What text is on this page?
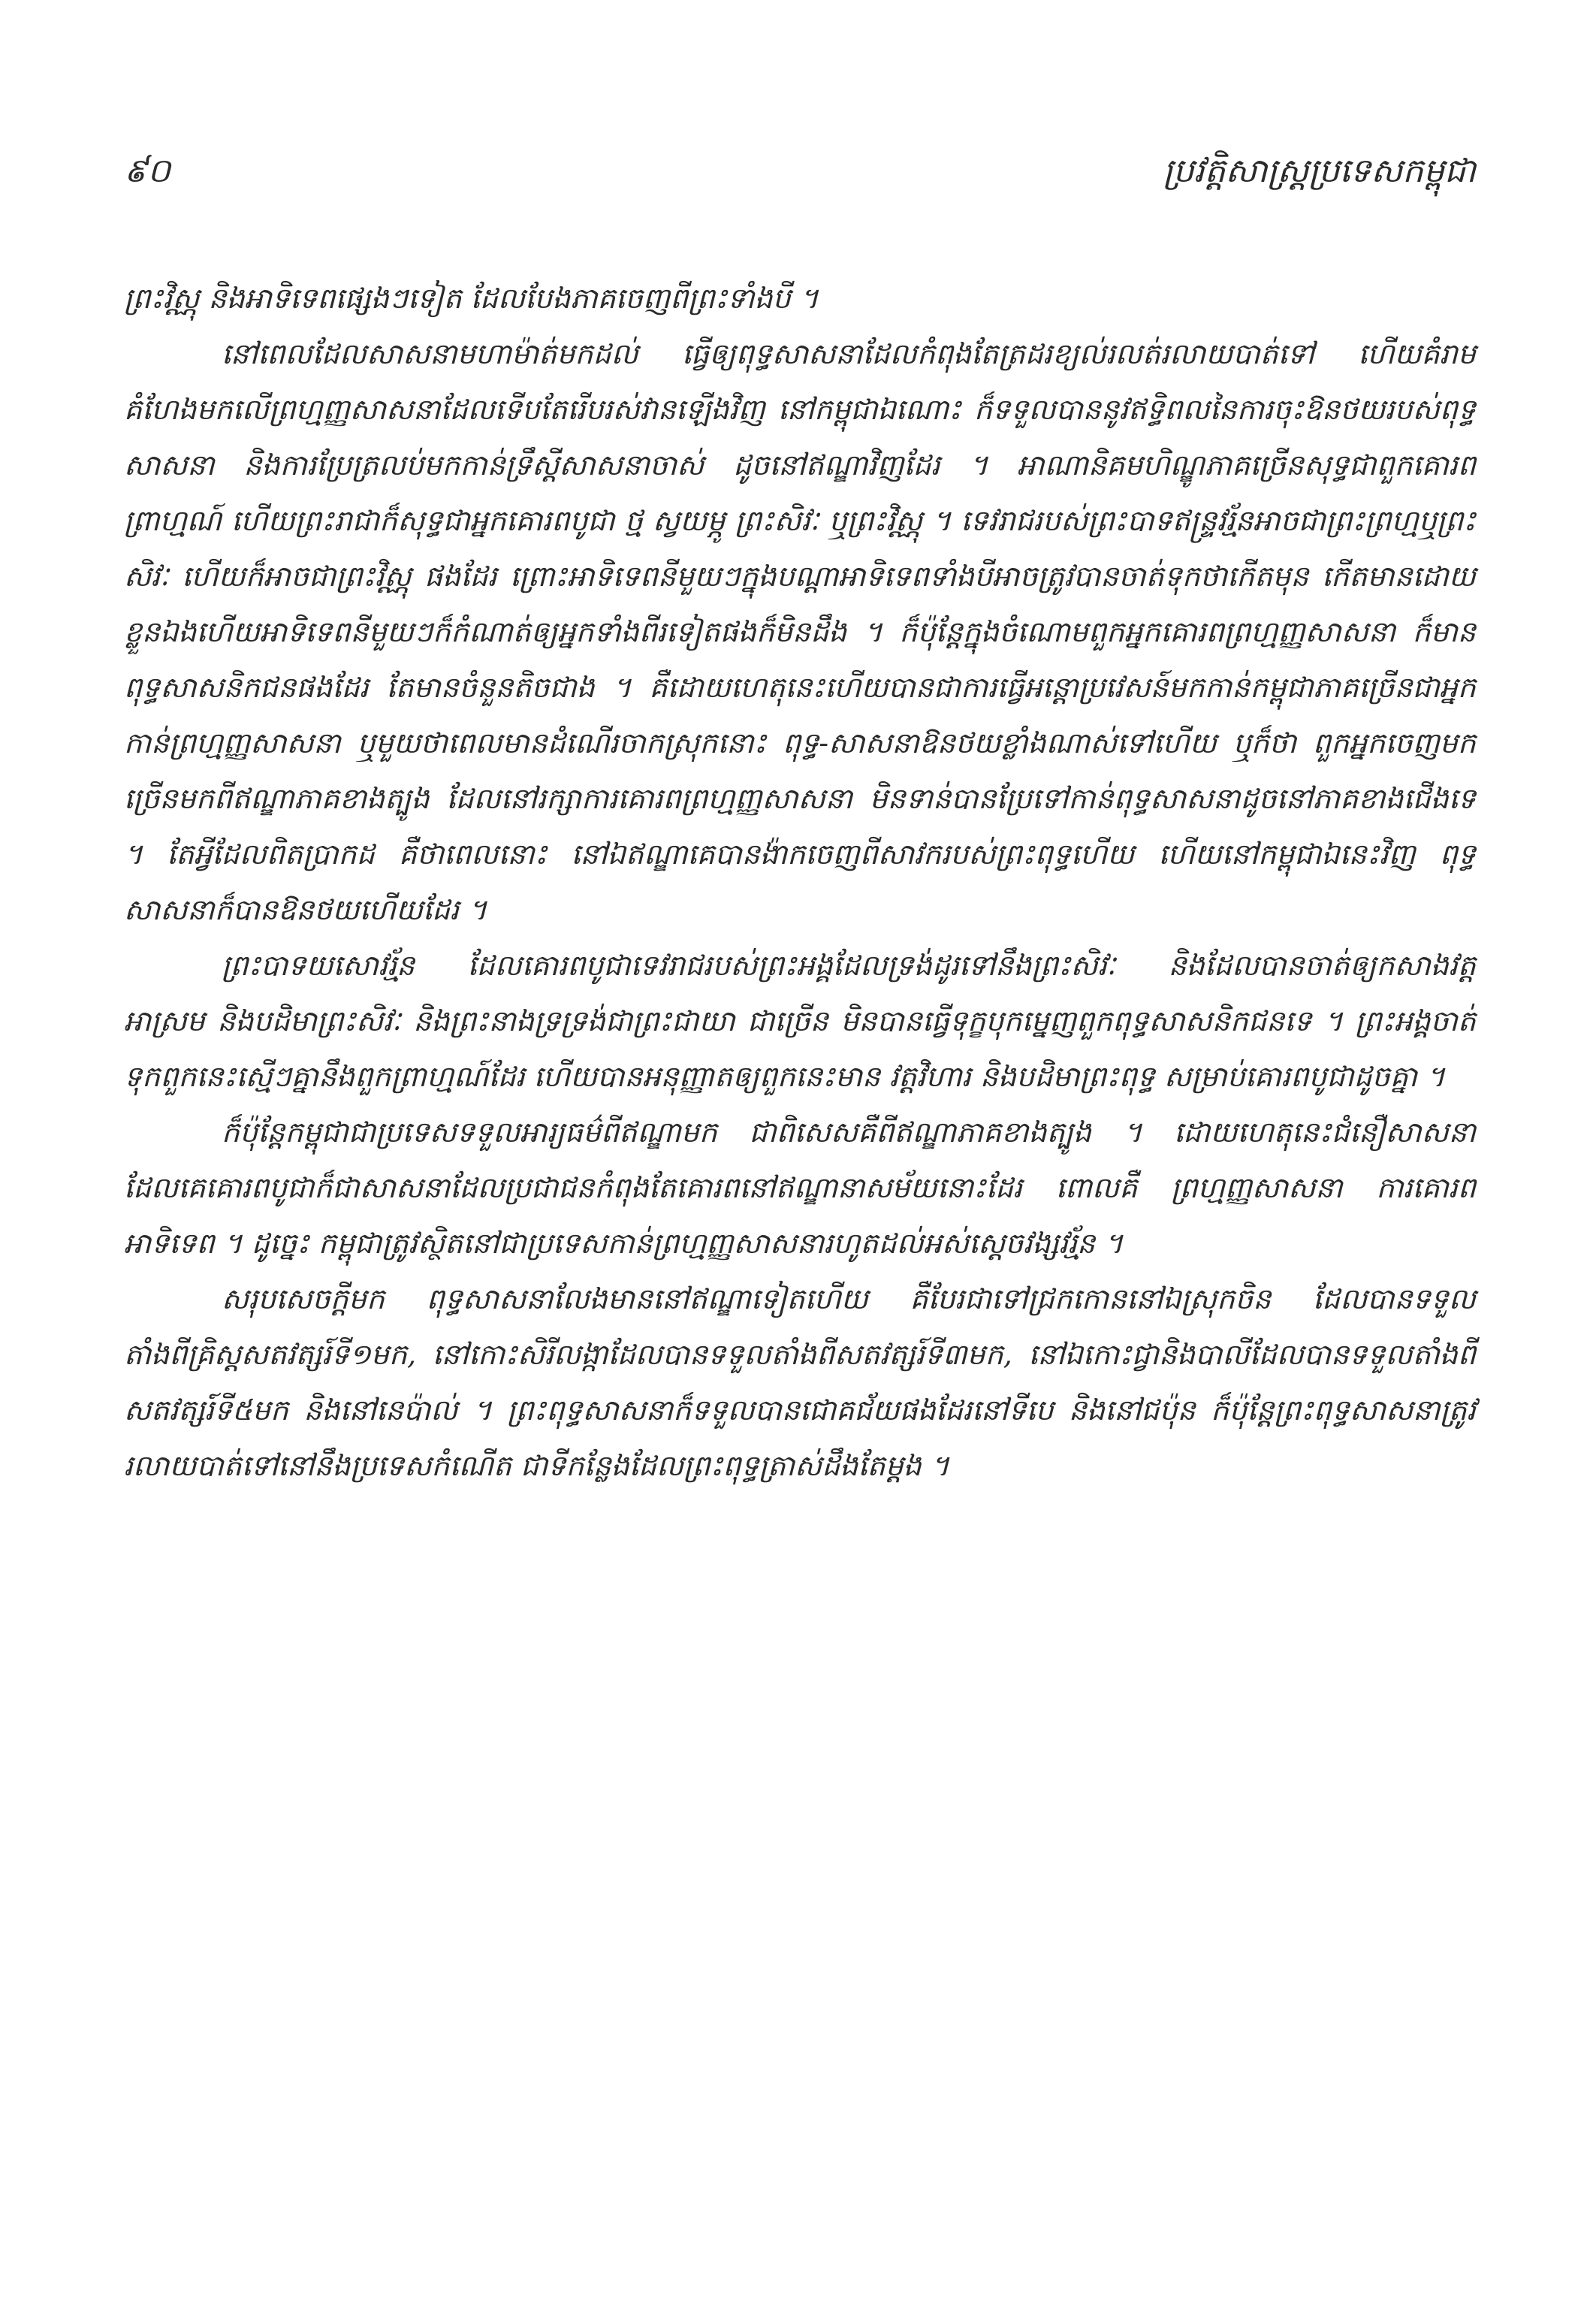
៩០	ប្រវត្តិសាស្ត្រប្រទេសកម្ពុជា

ព្រះវិស្ណុ និងអាទិទេពផ្សេងៗទៀត ដែលបែងភាគចេញពីព្រះទាំងបី ។

នៅពេលដែលសាសនាមហាម៉ាត់មកដល់ ធ្វើឲ្យពុទ្ធសាសនាដែលកំពុងតែត្រដរខ្យល់រលត់រលាយបាត់ទៅ ហើយគំរាមគំហែងមកលើព្រហ្មញ្ញសាសនាដែលទើបតែរើបរស់វានឡើងវិញ នៅកម្ពុជាឯណោះ ក៏ទទួលបាននូវឥទ្ធិពលនៃការចុះឱនថយរបស់ពុទ្ធសាសនា និងការប្រែត្រលប់មកកាន់ទ្រឹស្តីសាសនាចាស់ ដូចនៅឥណ្ឌាវិញដែរ ។ អាណានិគមហិណ្ឌូភាគច្រើនសុទ្ធជាពួកគោរពព្រាហ្មណ៍ ហើយព្រះរាជាក៏សុទ្ធជាអ្នកគោរពបូជា ថ្ម ស្វយម្ភូ ព្រះសិវៈ ឬព្រះវិស្ណុ ។ ទេវរាជរបស់ព្រះបាទឥន្ទ្រវរ្ម័នអាចជាព្រះព្រហ្មឬព្រះសិវៈ ហើយក៏អាចជាព្រះវិស្ណុ ផងដែរ ព្រោះអាទិទេពនីមួយៗក្នុងបណ្តាអាទិទេពទាំងបីអាចត្រូវបានចាត់ទុកថាកើតមុន កើតមានដោយខ្លួនឯងហើយអាទិទេពនីមួយៗក៏កំណាត់ឲ្យអ្នកទាំងពីរទៀតផងក៏មិនដឹង ។ ក៏ប៉ុន្តែក្នុងចំណោមពួកអ្នកគោរពព្រហ្មញ្ញសាសនា ក៏មានពុទ្ធសាសនិកជនផងដែរ តែមានចំនួនតិចជាង ។ គឺដោយហេតុនេះហើយបានជាការធ្វើអន្តោប្រវេសន៍មកកាន់កម្ពុជាភាគច្រើនជាអ្នកកាន់ព្រហ្មញ្ញសាសនា ឬមួយថាពេលមានដំណើរចាកស្រុកនោះ ពុទ្ធ-សាសនាឱនថយខ្លាំងណាស់ទៅហើយ ឬក៏ថា ពួកអ្នកចេញមកច្រើនមកពីឥណ្ឌាភាគខាងត្បូង ដែលនៅរក្សាការគោរពព្រហ្មញ្ញសាសនា មិនទាន់បានប្រែទៅកាន់ពុទ្ធសាសនាដូចនៅភាគខាងជើងទេ ។ តែអ្វីដែលពិតប្រាកដ គឺថាពេលនោះ នៅឯឥណ្ឌាគេបានង៉ាកចេញពីសាវករបស់ព្រះពុទ្ធហើយ ហើយនៅកម្ពុជាឯនេះវិញ ពុទ្ធសាសនាក៏បានឱនថយហើយដែរ ។

ព្រះបាទយសោវរ្ម័ន ដែលគោរពបូជាទេវរាជរបស់ព្រះអង្គដែលទ្រង់ដូរទៅនឹងព្រះសិវៈ និងដែលបានចាត់ឲ្យកសាងវត្ត អាស្រម និងបដិមាព្រះសិវៈ និងព្រះនាងទ្រទ្រង់ជាព្រះជាយា ជាច្រើន មិនបានធ្វើទុក្ខបុកម្នេញពួកពុទ្ធសាសនិកជនទេ ។ ព្រះអង្គចាត់ទុកពួកនេះស្មើៗគ្នានឹងពួកព្រាហ្មណ៍ដែរ ហើយបានអនុញ្ញាតឲ្យពួកនេះមាន វត្តវិហារ និងបដិមាព្រះពុទ្ធ សម្រាប់គោរពបូជាដូចគ្នា ។

ក៏ប៉ុន្តែកម្ពុជាជាប្រទេសទទួលអារ្យធម៌ពីឥណ្ឌាមក ជាពិសេសគឺពីឥណ្ឌាភាគខាងត្បូង ។ ដោយហេតុនេះជំនឿសាសនា ដែលគេគោរពបូជាក៏ជាសាសនាដែលប្រជាជនកំពុងតែគោរពនៅឥណ្ឌានាសម័យនោះដែរ ពោលគឺ ព្រហ្មញ្ញសាសនា ការគោរពអាទិទេព ។ ដូច្នេះ កម្ពុជាត្រូវស្ថិតនៅជាប្រទេសកាន់ព្រហ្មញ្ញសាសនារហូតដល់អស់ស្តេចវង្សវរ្ម័ន ។

សរុបសេចក្តីមក ពុទ្ធសាសនាលែងមាននៅឥណ្ឌាទៀតហើយ គឺបែរជាទៅជ្រកកោននៅឯស្រុកចិន ដែលបានទទួលតាំងពីគ្រិស្តសតវត្សរ៍ទី១មក, នៅកោះសិរីលង្កាដែលបានទទួលតាំងពីសតវត្សរ៍ទី៣មក, នៅឯកោះជ្វានិងបាលីដែលបានទទួលតាំងពីសតវត្សរ៍ទី៥មក និងនៅនេប៉ាល់ ។ ព្រះពុទ្ធសាសនាក៏ទទួលបានជោគជ័យផងដែរនៅទីបេ និងនៅជប៉ុន ក៏ប៉ុន្តែព្រះពុទ្ធសាសនាត្រូវរលាយបាត់ទៅនៅនឹងប្រទេសកំណើត ជាទីកន្លែងដែលព្រះពុទ្ធត្រាស់ដឹងតែម្តង ។
